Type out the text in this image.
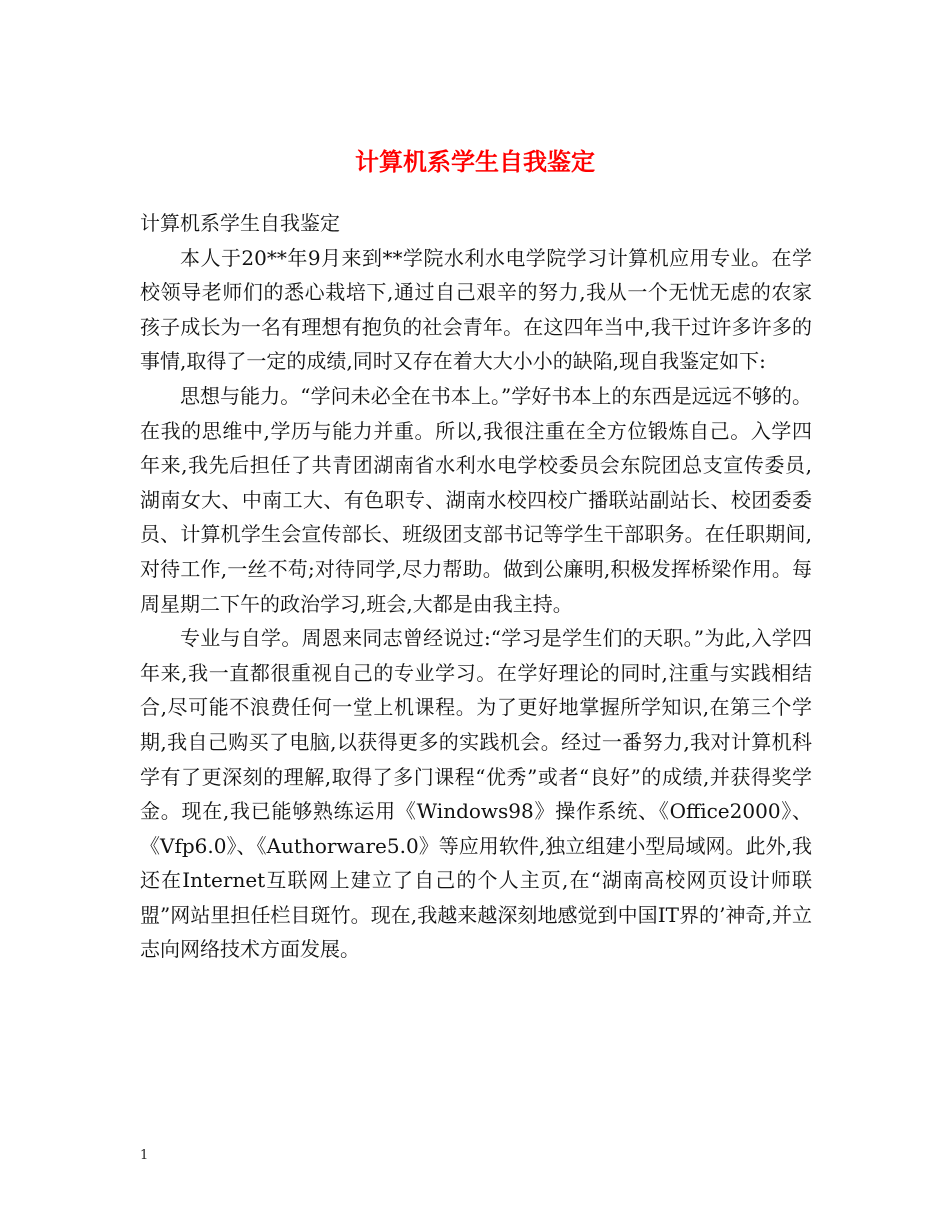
计算机系学生自我鉴定
计算机系学生自我鉴定

本人于20**年9月来到**学院水利水电学院学习计算机应用专业。在学校领导老师们的悉心栽培下,通过自己艰辛的努力,我从一个无忧无虑的农家孩子成长为一名有理想有抱负的社会青年。在这四年当中,我干过许多许多的事情,取得了一定的成绩,同时又存在着大大小小的缺陷,现自我鉴定如下:

思想与能力。“学问未必全在书本上。”学好书本上的东西是远远不够的。在我的思维中,学历与能力并重。所以,我很注重在全方位锻炼自己。入学四年来,我先后担任了共青团湖南省水利水电学校委员会东院团总支宣传委员,湖南女大、中南工大、有色职专、湖南水校四校广播联站副站长、校团委委员、计算机学生会宣传部长、班级团支部书记等学生干部职务。在任职期间,对待工作,一丝不苟;对待同学,尽力帮助。做到公廉明,积极发挥桥梁作用。每周星期二下午的政治学习,班会,大都是由我主持。

专业与自学。周恩来同志曾经说过:“学习是学生们的天职。”为此,入学四年来,我一直都很重视自己的专业学习。在学好理论的同时,注重与实践相结合,尽可能不浪费任何一堂上机课程。为了更好地掌握所学知识,在第三个学期,我自己购买了电脑,以获得更多的实践机会。经过一番努力,我对计算机科学有了更深刻的理解,取得了多门课程“优秀”或者“良好”的成绩,并获得奖学金。现在,我已能够熟练运用《Windows98》操作系统、《Office2000》、《Vfp6.0》、《Authorware5.0》等应用软件,独立组建小型局域网。此外,我还在Internet互联网上建立了自己的个人主页,在“湖南高校网页设计师联盟”网站里担任栏目斑竹。现在,我越来越深刻地感觉到中国IT界的’神奇,并立志向网络技术方面发展。

1
